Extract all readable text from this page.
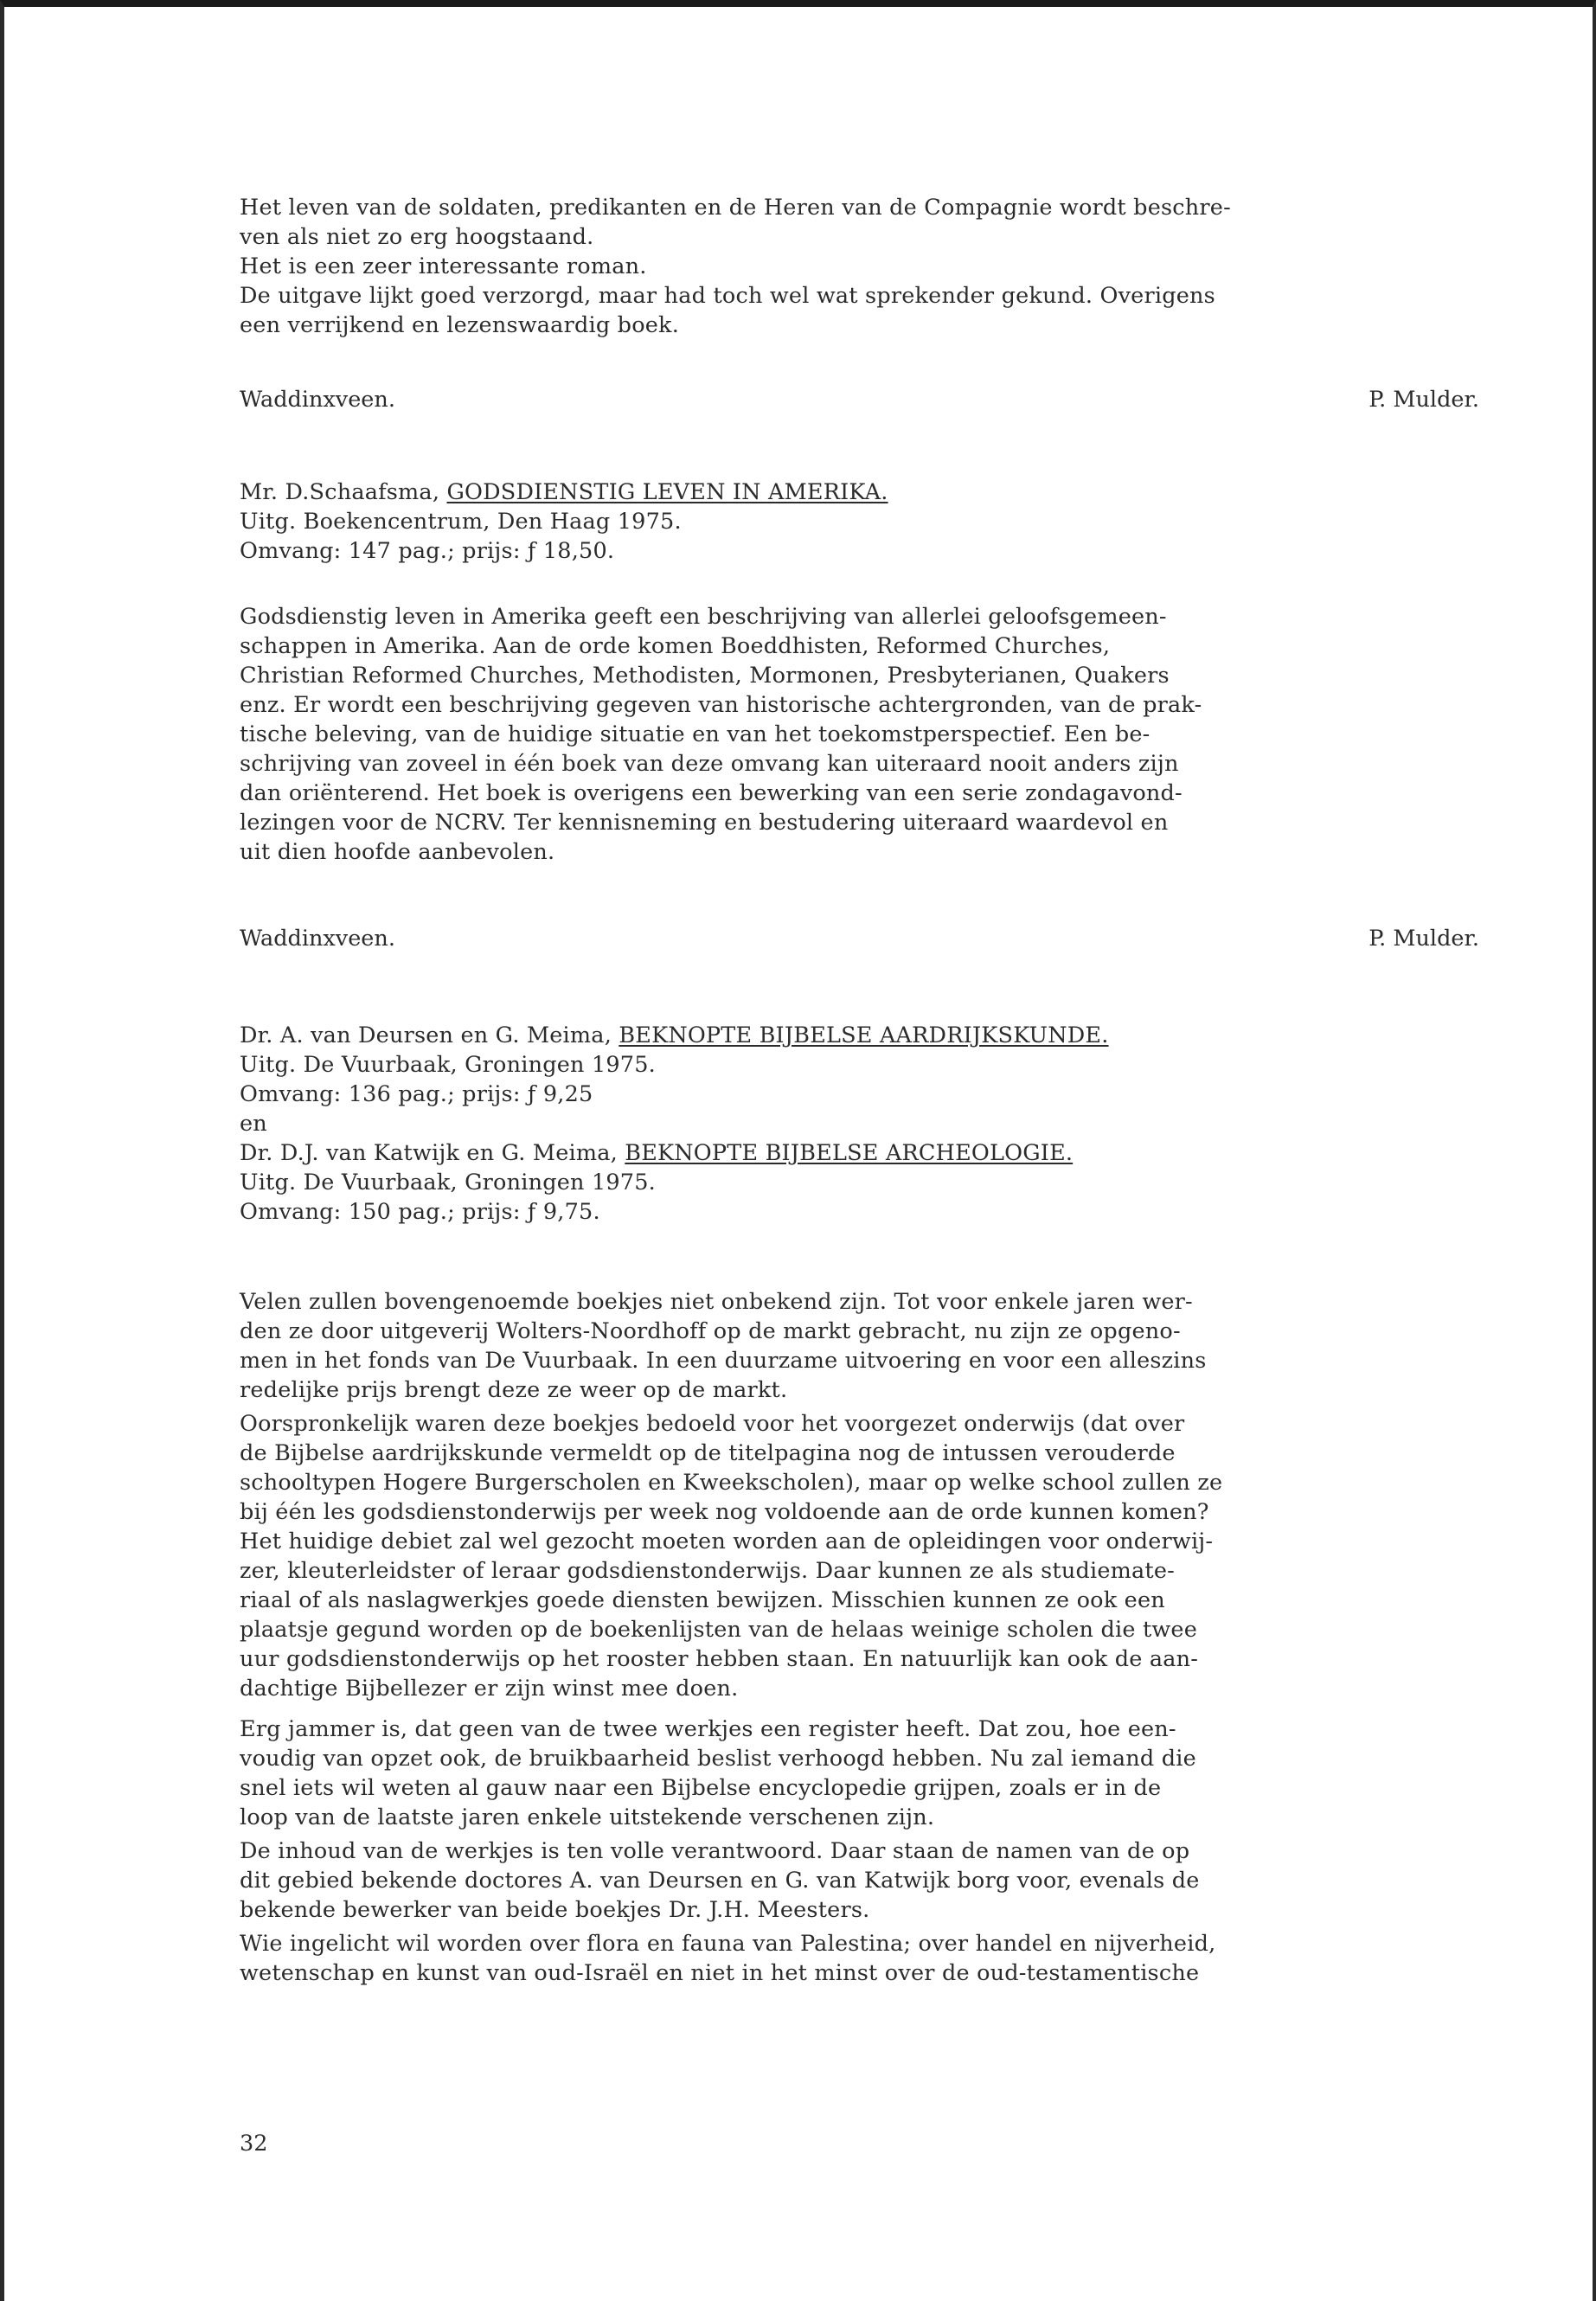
Het leven van de soldaten, predikanten en de Heren van de Compagnie wordt beschre-
ven als niet zo erg hoogstaand.
Het is een zeer interessante roman.
De uitgave lijkt goed verzorgd, maar had toch wel wat sprekender gekund. Overigens
een verrijkend en lezenswaardig boek.
Waddinxveen.	P. Mulder.
Mr. D.Schaafsma, GODSDIENSTIG LEVEN IN AMERIKA.
Uitg. Boekencentrum, Den Haag 1975.
Omvang: 147 pag.; prijs: ƒ 18,50.
Godsdienstig leven in Amerika geeft een beschrijving van allerlei geloofsgemeen-
schappen in Amerika. Aan de orde komen Boeddhisten, Reformed Churches,
Christian Reformed Churches, Methodisten, Mormonen, Presbyterianen, Quakers
enz. Er wordt een beschrijving gegeven van historische achtergronden, van de prak-
tische beleving, van de huidige situatie en van het toekomstperspectief. Een be-
schrijving van zoveel in één boek van deze omvang kan uiteraard nooit anders zijn
dan oriënterend. Het boek is overigens een bewerking van een serie zondagavond-
lezingen voor de NCRV. Ter kennisneming en bestudering uiteraard waardevol en
uit dien hoofde aanbevolen.
Waddinxveen.	P. Mulder.
Dr. A. van Deursen en G. Meima, BEKNOPTE BIJBELSE AARDRIJKSKUNDE.
Uitg. De Vuurbaak, Groningen 1975.
Omvang: 136 pag.; prijs: ƒ 9,25
en
Dr. D.J. van Katwijk en G. Meima, BEKNOPTE BIJBELSE ARCHEOLOGIE.
Uitg. De Vuurbaak, Groningen 1975.
Omvang: 150 pag.; prijs: ƒ 9,75.
Velen zullen bovengenoemde boekjes niet onbekend zijn. Tot voor enkele jaren wer-
den ze door uitgeverij Wolters-Noordhoff op de markt gebracht, nu zijn ze opgeno-
men in het fonds van De Vuurbaak. In een duurzame uitvoering en voor een alleszins
redelijke prijs brengt deze ze weer op de markt.
Oorspronkelijk waren deze boekjes bedoeld voor het voorgezet onderwijs (dat over
de Bijbelse aardrijkskunde vermeldt op de titelpagina nog de intussen verouderde
schooltypen Hogere Burgerscholen en Kweekscholen), maar op welke school zullen ze
bij één les godsdienstonderwijs per week nog voldoende aan de orde kunnen komen?
Het huidige debiet zal wel gezocht moeten worden aan de opleidingen voor onderwij-
zer, kleuterleidster of leraar godsdienstonderwijs. Daar kunnen ze als studiemate-
riaal of als naslagwerkjes goede diensten bewijzen. Misschien kunnen ze ook een
plaatsje gegund worden op de boekenlijsten van de helaas weinige scholen die twee
uur godsdienstonderwijs op het rooster hebben staan. En natuurlijk kan ook de aan-
dachtige Bijbellezer er zijn winst mee doen.
Erg jammer is, dat geen van de twee werkjes een register heeft. Dat zou, hoe een-
voudig van opzet ook, de bruikbaarheid beslist verhoogd hebben. Nu zal iemand die
snel iets wil weten al gauw naar een Bijbelse encyclopedie grijpen, zoals er in de
loop van de laatste jaren enkele uitstekende verschenen zijn.
De inhoud van de werkjes is ten volle verantwoord. Daar staan de namen van de op
dit gebied bekende doctores A. van Deursen en G. van Katwijk borg voor, evenals de
bekende bewerker van beide boekjes Dr. J.H. Meesters.
Wie ingelicht wil worden over flora en fauna van Palestina; over handel en nijverheid,
wetenschap en kunst van oud-Israël en niet in het minst over de oud-testamentische
32
